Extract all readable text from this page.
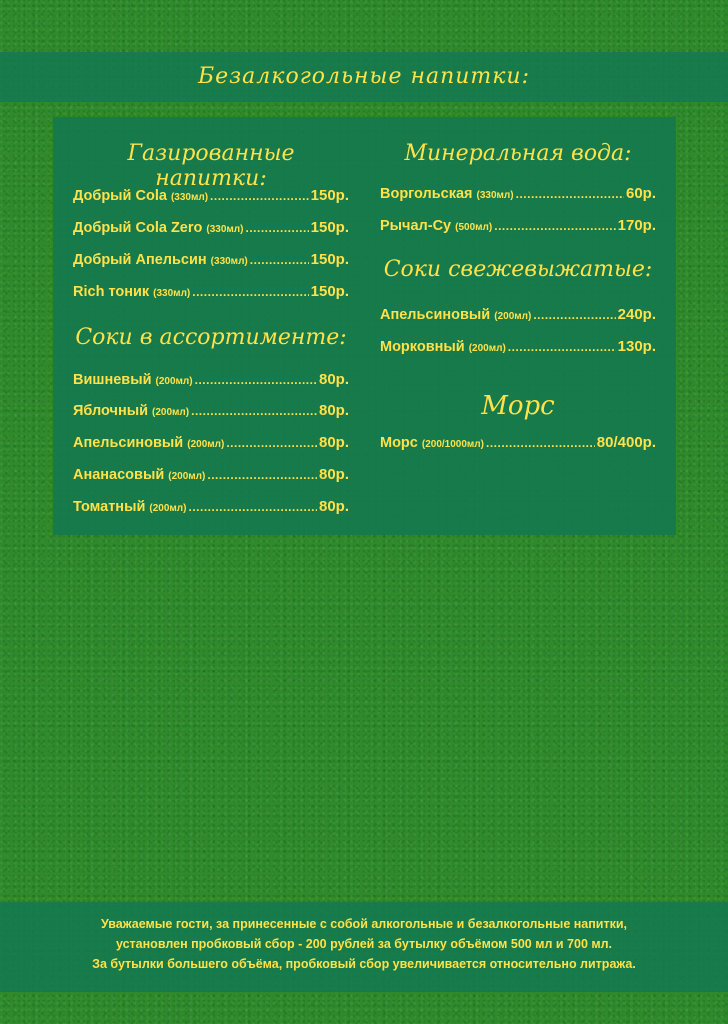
Безалкогольные напитки:
Газированные напитки:
Добрый Cola (330мл) .....	150р.
Добрый Cola Zero (330мл) .....	150р.
Добрый Апельсин (330мл) .....	150р.
Rich тоник (330мл) .....	150р.
Соки в ассортименте:
Вишневый (200мл) .....	80р.
Яблочный (200мл) .....	80р.
Апельсиновый (200мл) .....	80р.
Ананасовый (200мл) .....	80р.
Томатный (200мл) .....	80р.
Минеральная вода:
Воргольская (330мл) .....	60р.
Рычал-Су (500мл) .....	170р.
Соки свежевыжатые:
Апельсиновый (200мл) .....	240р.
Морковный (200мл) .....	130р.
Морс
Морс (200/1000мл) .....	80/400р.
Уважаемые гости, за принесенные с собой алкогольные и безалкогольные напитки,
установлен пробковый сбор - 200 рублей за бутылку объёмом 500 мл и 700 мл.
За бутылки большего объёма, пробковый сбор увеличивается относительно литража.
